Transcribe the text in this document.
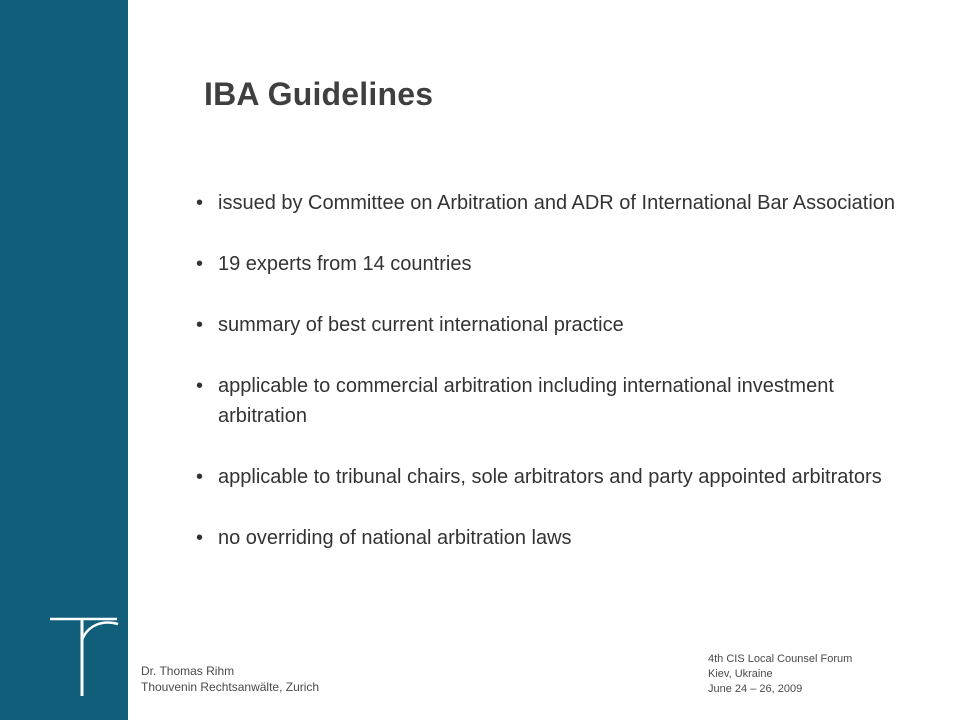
IBA Guidelines
• issued by Committee on Arbitration and ADR of International Bar Association
• 19 experts from 14 countries
• summary of best current international practice
• applicable to commercial arbitration including international investment arbitration
• applicable to tribunal chairs, sole arbitrators and party appointed arbitrators
• no overriding of national arbitration laws
Dr. Thomas Rihm
Thouvenin Rechtsanwälte, Zurich
4th CIS Local Counsel Forum
Kiev, Ukraine
June 24 – 26, 2009
